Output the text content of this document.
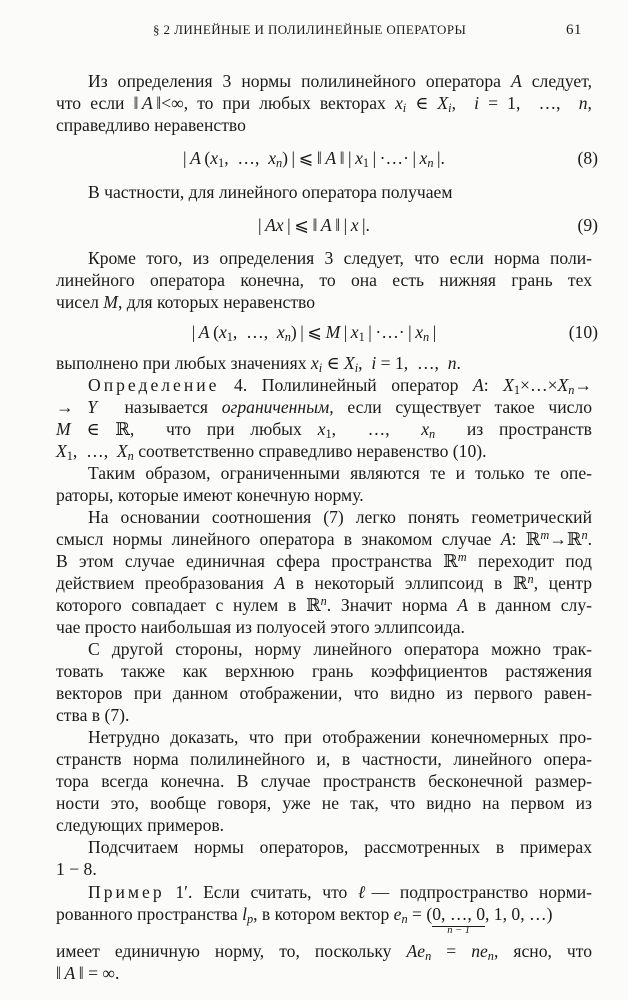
§ 2 ЛИНЕЙНЫЕ И ПОЛИЛИНЕЙНЫЕ ОПЕРАТОРЫ	61
Из определения 3 нормы полилинейного оператора A следует,
что если ‖ A ‖<∞, то при любых векторах $x_i$ ∈ $X_i$,  i = 1,  …,  n,
справедливо неравенство
| A ($x_1$,  …,  $x_n$) | ⩽ ‖ A ‖ | $x_1$ | ·…· | $x_n$ |.	(8)
В частности, для линейного оператора получаем
| Ax | ⩽ ‖ A ‖ | x |.	(9)
Кроме того, из определения 3 следует, что если норма поли-
линейного оператора конечна, то она есть нижняя грань тех
чисел M, для которых неравенство
| A ($x_1$,  …,  $x_n$) | ⩽ M | $x_1$ | ·…· | $x_n$ |	(10)
выполнено при любых значениях $x_i$ ∈ $X_i$,  i = 1,  …,  n.
Определение 4. Полилинейный оператор A: $X_1\times\dots\times X_n\to$
→ Y называется ограниченным, если существует такое число
M ∈ ℝ,  что при любых $x_1$,  …,  $x_n$ из пространств
$X_1$,  …,  $X_n$ соответственно справедливо неравенство (10).
Таким образом, ограниченными являются те и только те опе-
раторы, которые имеют конечную норму.
На основании соотношения (7) легко понять геометрический
смысл нормы линейного оператора в знакомом случае A: ℝ$^m$→ℝ$^n$.
В этом случае единичная сфера пространства ℝ$^m$ переходит под
действием преобразования A в некоторый эллипсоид в ℝ$^n$, центр
которого совпадает с нулем в ℝ$^n$. Значит норма A в данном слу-
чае просто наибольшая из полуосей этого эллипсоида.
С другой стороны, норму линейного оператора можно трак-
товать также как верхнюю грань коэффициентов растяжения
векторов при данном отображении, что видно из первого равен-
ства в (7).
Нетрудно доказать, что при отображении конечномерных про-
странств норма полилинейного и, в частности, линейного опера-
тора всегда конечна. В случае пространств бесконечной размер-
ности это, вообще говоря, уже не так, что видно на первом из
следующих примеров.
Подсчитаем нормы операторов, рассмотренных в примерах
1 − 8.
Пример 1′. Если считать, что ℓ— подпространство норми-
рованного пространства $l_p$, в котором вектор $e_n = (0$, …, 0
n − 1
, 1, 0, …)
имеет единичную норму, то, поскольку $Ae_n = ne_n$, ясно, что
‖ A ‖ = ∞.
